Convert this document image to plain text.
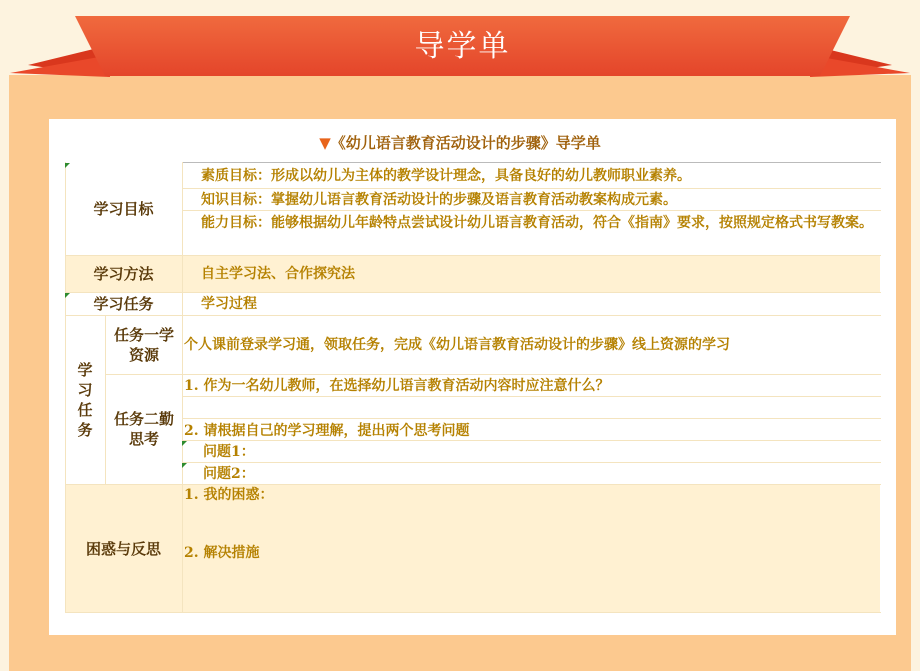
导学单
▼《幼儿语言教育活动设计的步骤》导学单
学习目标
素质目标：形成以幼儿为主体的教学设计理念，具备良好的幼儿教师职业素养。
知识目标：掌握幼儿语言教育活动设计的步骤及语言教育活动教案构成元素。
能力目标：能够根据幼儿年龄特点尝试设计幼儿语言教育活动，符合《指南》要求，按照规定格式书写教案。
学习方法	自主学习法、合作探究法
学习任务	学习过程
学习任务
任务一学资源
个人课前登录学习通，领取任务，完成《幼儿语言教育活动设计的步骤》线上资源的学习
任务二勤思考
1. 作为一名幼儿教师，在选择幼儿语言教育活动内容时应注意什么？
2. 请根据自己的学习理解，提出两个思考问题
问题1：
问题2：
困惑与反思
1. 我的困惑：
2. 解决措施
